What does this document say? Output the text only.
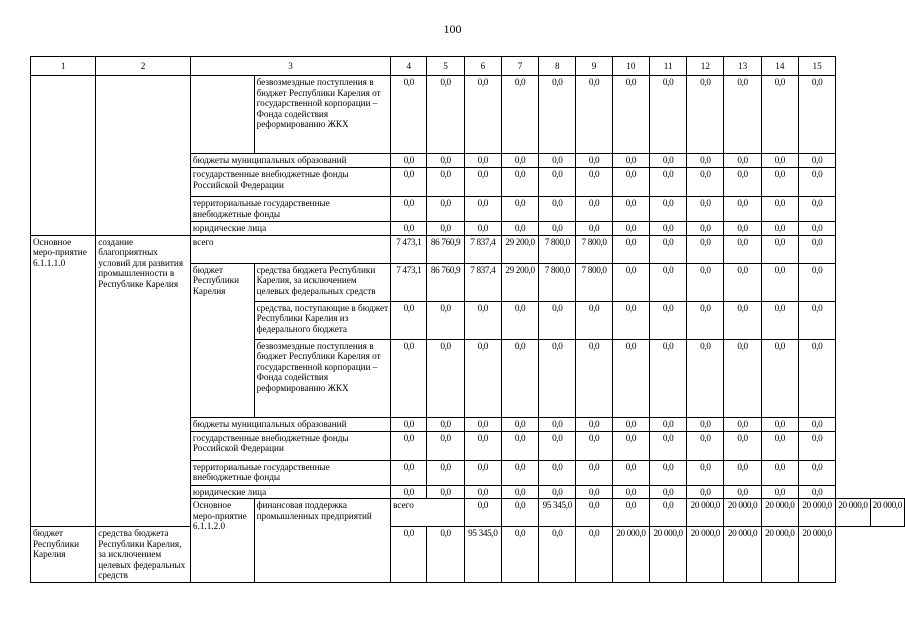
100
1	2	3		4	5	6	7	8	9	10	11	12	13	14	15		
			безвозмездные поступления в бюджет Республики Карелия от государственной корпорации – Фонда содействия реформированию ЖКХ	0,0	0,0	0,0	0,0	0,0	0,0	0,0	0,0	0,0	0,0	0,0	0,0		
		бюджеты муниципальных образований		0,0	0,0	0,0	0,0	0,0	0,0	0,0	0,0	0,0	0,0	0,0	0,0		
		государственные внебюджетные фонды Российской Федерации		0,0	0,0	0,0	0,0	0,0	0,0	0,0	0,0	0,0	0,0	0,0	0,0		
		территориальные государственные внебюджетные фонды		0,0	0,0	0,0	0,0	0,0	0,0	0,0	0,0	0,0	0,0	0,0	0,0		
		юридические лица		0,0	0,0	0,0	0,0	0,0	0,0	0,0	0,0	0,0	0,0	0,0	0,0		
Основное меро-приятие 6.1.1.1.0	создание благоприятных условий для развития промышленности в Республике Карелия	всего		7 473,1	86 760,9	7 837,4	29 200,0	7 800,0	7 800,0	0,0	0,0	0,0	0,0	0,0	0,0		
		бюджет Республики Карелия	средства бюджета Республики Карелия, за исключением целевых федеральных средств	7 473,1	86 760,9	7 837,4	29 200,0	7 800,0	7 800,0	0,0	0,0	0,0	0,0	0,0	0,0		
			средства, поступающие в бюджет Республики Карелия из федерального бюджета	0,0	0,0	0,0	0,0	0,0	0,0	0,0	0,0	0,0	0,0	0,0	0,0		
			безвозмездные поступления в бюджет Республики Карелия от государственной корпорации – Фонда содействия реформированию ЖКХ	0,0	0,0	0,0	0,0	0,0	0,0	0,0	0,0	0,0	0,0	0,0	0,0		
		бюджеты муниципальных образований		0,0	0,0	0,0	0,0	0,0	0,0	0,0	0,0	0,0	0,0	0,0	0,0		
		государственные внебюджетные фонды Российской Федерации		0,0	0,0	0,0	0,0	0,0	0,0	0,0	0,0	0,0	0,0	0,0	0,0		
		территориальные государственные внебюджетные фонды		0,0	0,0	0,0	0,0	0,0	0,0	0,0	0,0	0,0	0,0	0,0	0,0		
		юридические лица		0,0	0,0	0,0	0,0	0,0	0,0	0,0	0,0	0,0	0,0	0,0	0,0		
		Основное меро-приятие 6.1.1.2.0	финансовая поддержка промышленных предприятий	всего		0,0	0,0	95 345,0	0,0	0,0	0,0	20 000,0	20 000,0	20 000,0	20 000,0	20 000,0	20 000,0
бюджет Республики Карелия	средства бюджета Республики Карелия, за исключением целевых федеральных средств			0,0	0,0	95 345,0	0,0	0,0	0,0	20 000,0	20 000,0	20 000,0	20 000,0	20 000,0	20 000,0		
